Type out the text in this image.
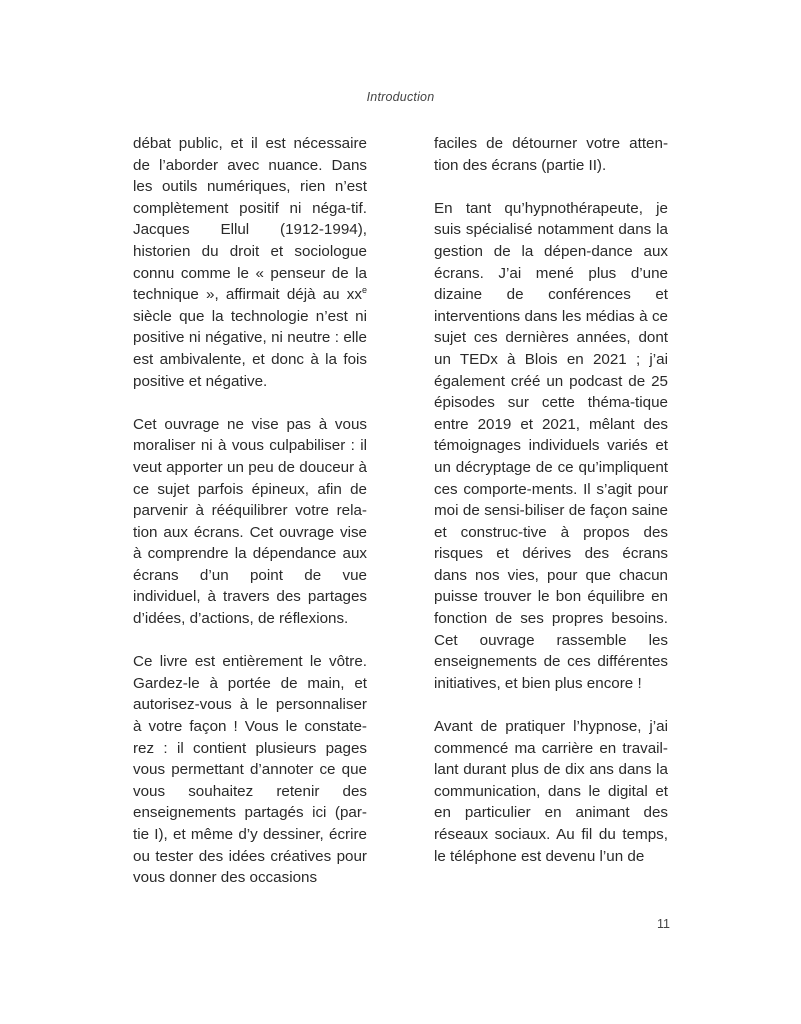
Introduction

débat public, et il est nécessaire de l’aborder avec nuance. Dans les outils numériques, rien n’est complètement positif ni néga-tif. Jacques Ellul (1912-1994), historien du droit et sociologue connu comme le « penseur de la technique », affirmait déjà au $xx^e$ siècle que la technologie n’est ni positive ni négative, ni neutre : elle est ambivalente, et donc à la fois positive et négative.

Cet ouvrage ne vise pas à vous moraliser ni à vous culpabiliser : il veut apporter un peu de douceur à ce sujet parfois épineux, afin de parvenir à rééquilibrer votre rela-tion aux écrans. Cet ouvrage vise à comprendre la dépendance aux écrans d’un point de vue individuel, à travers des partages d’idées, d’actions, de réflexions.

Ce livre est entièrement le vôtre. Gardez-le à portée de main, et autorisez-vous à le personnaliser à votre façon ! Vous le constate-rez : il contient plusieurs pages vous permettant d’annoter ce que vous souhaitez retenir des enseignements partagés ici (par-tie I), et même d’y dessiner, écrire ou tester des idées créatives pour vous donner des occasions

faciles de détourner votre atten-tion des écrans (partie II).

En tant qu’hypnothérapeute, je suis spécialisé notamment dans la gestion de la dépen-dance aux écrans. J’ai mené plus d’une dizaine de conférences et interventions dans les médias à ce sujet ces dernières années, dont un TEDx à Blois en 2021 ; j’ai également créé un podcast de 25 épisodes sur cette théma-tique entre 2019 et 2021, mêlant des témoignages individuels variés et un décryptage de ce qu’impliquent ces comporte-ments. Il s’agit pour moi de sensi-biliser de façon saine et construc-tive à propos des risques et dérives des écrans dans nos vies, pour que chacun puisse trouver le bon équilibre en fonction de ses propres besoins. Cet ouvrage rassemble les enseignements de ces différentes initiatives, et bien plus encore !

Avant de pratiquer l’hypnose, j’ai commencé ma carrière en travail-lant durant plus de dix ans dans la communication, dans le digital et en particulier en animant des réseaux sociaux. Au fil du temps, le téléphone est devenu l’un de

11
